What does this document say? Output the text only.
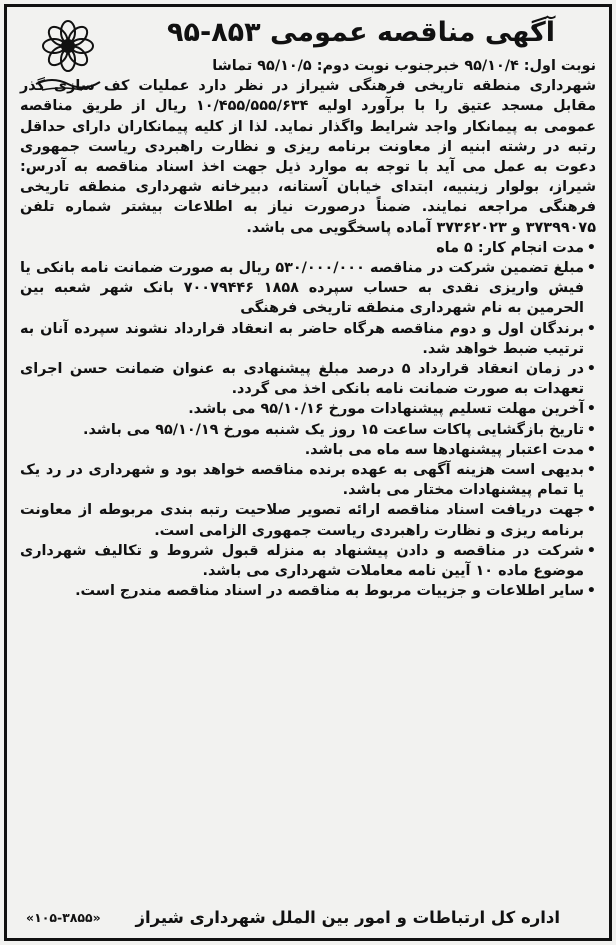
آگهی مناقصه عمومی ۸۵۳-۹۵

نوبت اول: ۹۵/۱۰/۴ خبرجنوب نوبت دوم: ۹۵/۱۰/۵ تماشا

شهرداری منطقه تاریخی فرهنگی شیراز در نظر دارد عملیات کف سازی گذر مقابل مسجد عتیق را با برآورد اولیه ۱۰/۴۵۵/۵۵۵/۶۳۴ ریال از طریق مناقصه عمومی به پیمانکار واجد شرایط واگذار نماید. لذا از کلیه پیمانکاران دارای حداقل رتبه در رشته ابنیه از معاونت برنامه ریزی و نظارت راهبردی ریاست جمهوری دعوت به عمل می آید با توجه به موارد ذیل جهت اخذ اسناد مناقصه به آدرس: شیراز، بولوار زینبیه، ابتدای خیابان آستانه، دبیرخانه شهرداری منطقه تاریخی فرهنگی مراجعه نمایند. ضمناً درصورت نیاز به اطلاعات بیشتر شماره تلفن ۳۷۳۹۹۰۷۵ و ۳۷۳۶۲۰۲۳ آماده پاسخگویی می باشد.

• مدت انجام کار: ۵ ماه
• مبلغ تضمین شرکت در مناقصه ۵۳۰/۰۰۰/۰۰۰ ریال به صورت ضمانت نامه بانکی یا فیش واریزی نقدی به حساب سپرده ۱۸۵۸ ۷۰۰۷۹۴۴۶ بانک شهر شعبه بین الحرمین به نام شهرداری منطقه تاریخی فرهنگی
• برندگان اول و دوم مناقصه هرگاه حاضر به انعقاد قرارداد نشوند سپرده آنان به ترتیب ضبط خواهد شد.
• در زمان انعقاد قرارداد ۵ درصد مبلغ پیشنهادی به عنوان ضمانت حسن اجرای تعهدات به صورت ضمانت نامه بانکی اخذ می گردد.
• آخرین مهلت تسلیم پیشنهادات مورخ ۹۵/۱۰/۱۶ می باشد.
• تاریخ بازگشایی پاکات ساعت ۱۵ روز یک شنبه مورخ ۹۵/۱۰/۱۹ می باشد.
• مدت اعتبار پیشنهادها سه ماه می باشد.
• بدیهی است هزینه آگهی به عهده برنده مناقصه خواهد بود و شهرداری در رد یک یا تمام پیشنهادات مختار می باشد.
• جهت دریافت اسناد مناقصه ارائه تصویر صلاحیت رتبه بندی مربوطه از معاونت برنامه ریزی و نظارت راهبردی ریاست جمهوری الزامی است.
• شرکت در مناقصه و دادن پیشنهاد به منزله قبول شروط و تکالیف شهرداری موضوع ماده ۱۰ آیین نامه معاملات شهرداری می باشد.
• سایر اطلاعات و جزییات مربوط به مناقصه در اسناد مناقصه مندرج است.
اداره کل ارتباطات و امور بین الملل شهرداری شیراز
«۱۰۵-۳۸۵۵»
